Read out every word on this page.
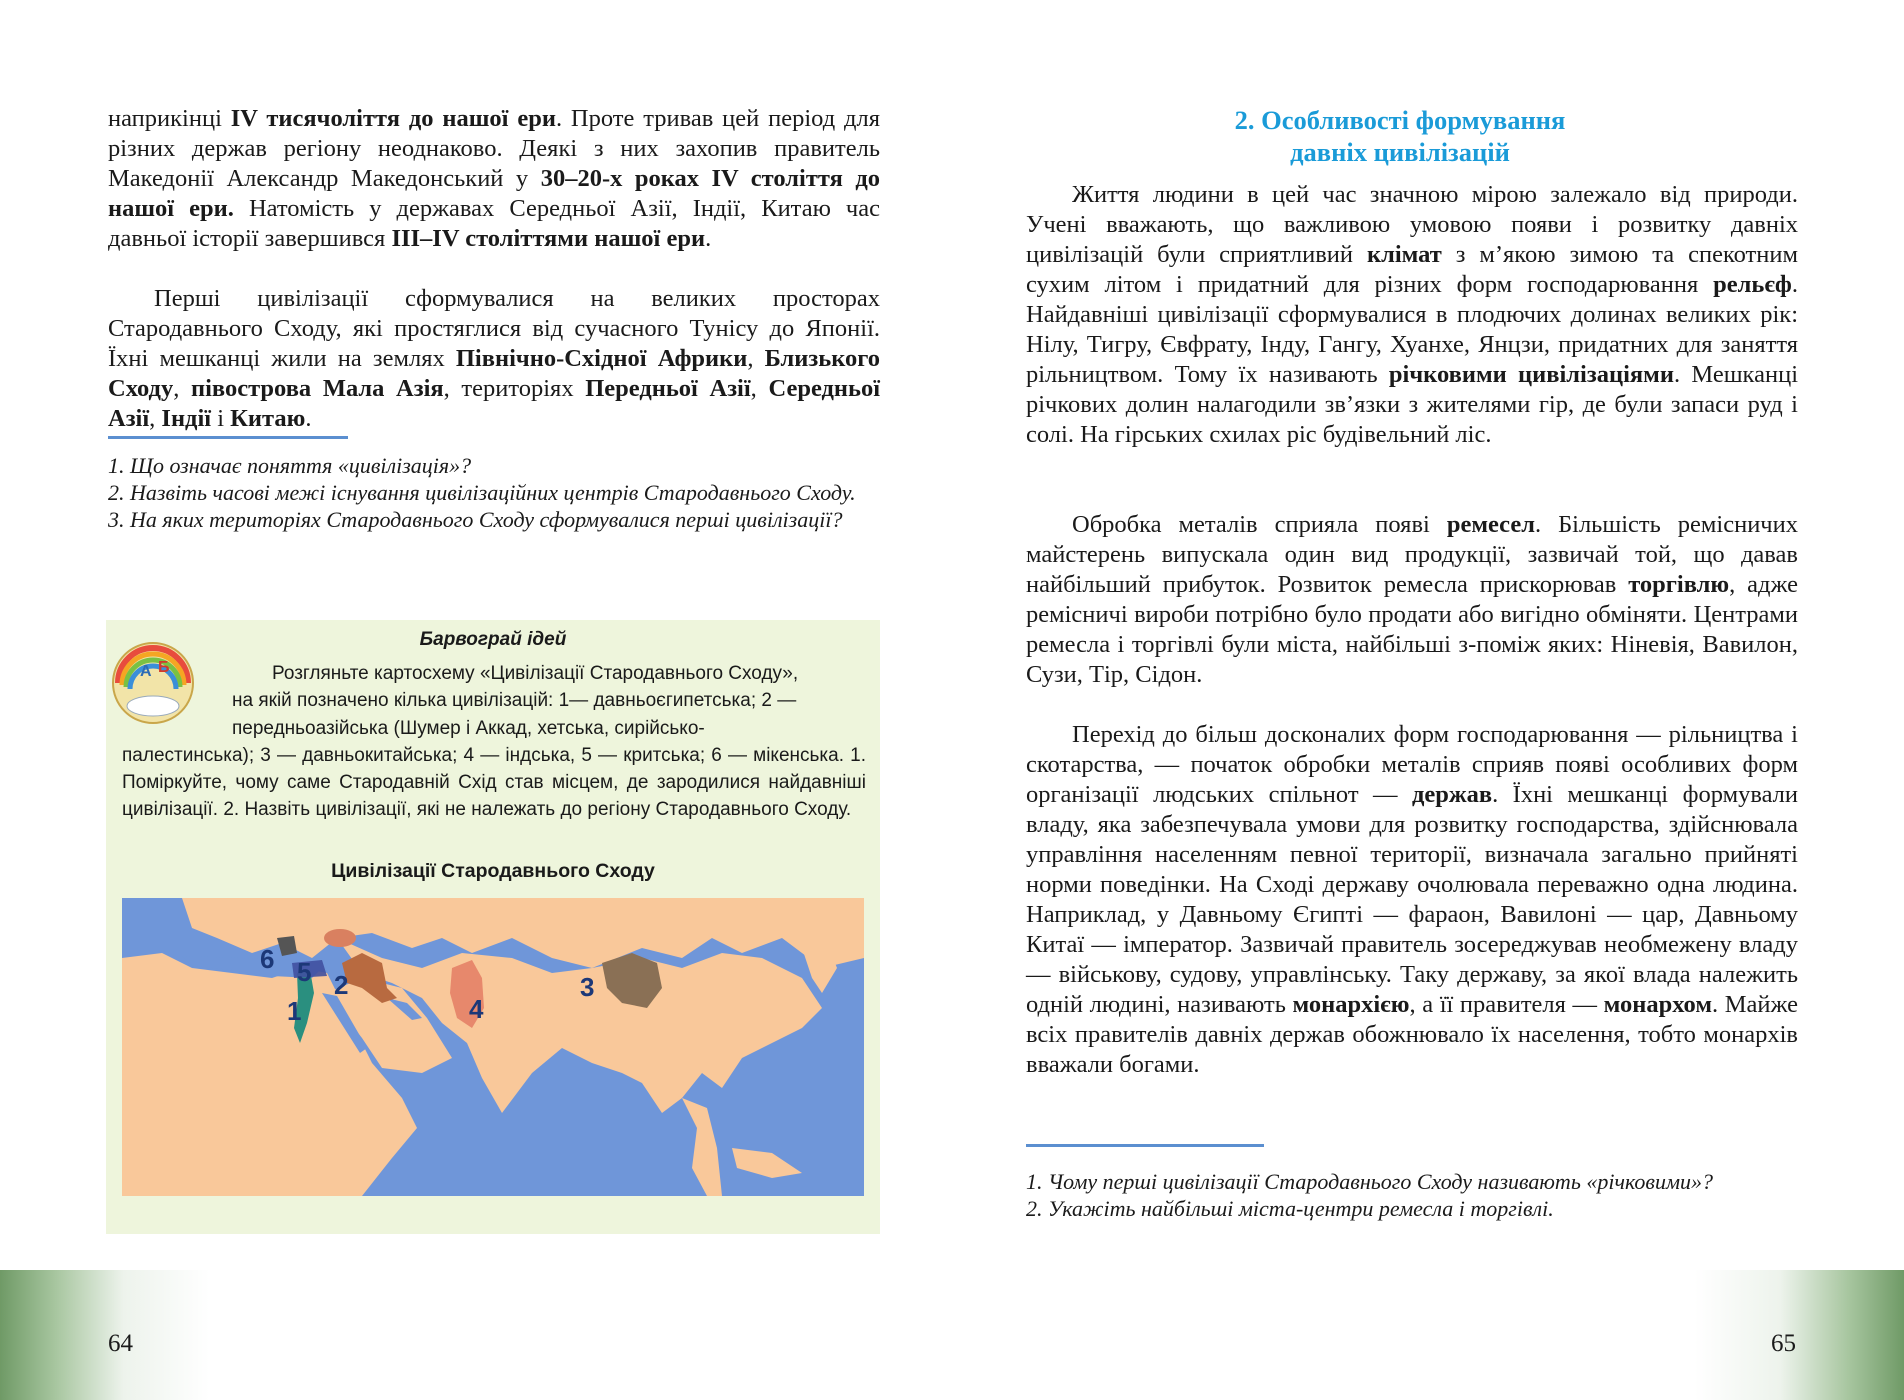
наприкінці IV тисячоліття до нашої ери. Проте тривав цей період для різних держав регіону неоднаково. Деякі з них захопив правитель Македонії Александр Македонський у 30–20-х роках IV століття до нашої ери. Натомість у державах Середньої Азії, Індії, Китаю час давньої історії завершився III–IV століттями нашої ери.
Перші цивілізації сформувалися на великих просторах Стародавнього Сходу, які простяглися від сучасного Тунісу до Японії. Їхні мешканці жили на землях Північно-Східної Африки, Близького Сходу, півострова Мала Азія, територіях Передньої Азії, Середньої Азії, Індії і Китаю.

1. Що означає поняття «цивілізація»?

2. Назвіть часові межі існування цивілізаційних центрів Стародавнього Сходу.

3. На яких територіях Стародавнього Сходу сформувалися перші цивілізації?

А Б
Барвограй ідей
Розгляньте картосхему «Цивілізації Стародавнього Сходу»,
на якій позначено кілька цивілізацій: 1— давньоєгипетська; 2 —
передньоазійська (Шумер і Аккад, хетська, сирійсько-
палестинська); 3 — давньокитайська; 4 — індська, 5 — критська; 6 — мікенська. 1. Поміркуйте, чому саме Стародавній Схід став місцем, де зародилися найдавніші цивілізації. 2. Назвіть цивілізації, які не належать до регіону Стародавнього Сходу.
Цивілізації Стародавнього Сходу
1
2	3
4
5
6
64
2. Особливості формування
давніх цивілізацій
Життя людини в цей час значною мірою залежало від природи. Учені вважають, що важливою умовою появи і розвитку давніх цивілізацій були сприятливий клімат з м’якою зимою та спекотним сухим літом і придатний для різних форм господарювання рельєф. Найдавніші цивілізації сформувалися в плодючих долинах великих рік: Нілу, Тигру, Євфрату, Інду, Гангу, Хуанхе, Янцзи, придатних для заняття рільництвом. Тому їх називають річковими цивілізаціями. Мешканці річкових долин налагодили зв’язки з жителями гір, де були запаси руд і солі. На гірських схилах ріс будівельний ліс.
Обробка металів сприяла появі ремесел. Більшість ремісничих майстерень випускала один вид продукції, зазвичай той, що давав найбільший прибуток. Розвиток ремесла прискорював торгівлю, адже ремісничі вироби потрібно було продати або вигідно обміняти. Центрами ремесла і торгівлі були міста, найбільші з-поміж яких: Ніневія, Вавилон, Сузи, Тір, Сідон.
Перехід до більш досконалих форм господарювання — рільництва і скотарства, — початок обробки металів сприяв появі особливих форм організації людських спільнот — держав. Їхні мешканці формували владу, яка забезпечувала умови для розвитку господарства, здійснювала управління населенням певної території, визначала загально прийняті норми поведінки. На Сході державу очолювала переважно одна людина. Наприклад, у Давньому Єгипті — фараон, Вавилоні — цар, Давньому Китаї — імператор. Зазвичай правитель зосереджував необмежену владу — військову, судову, управлінську. Таку державу, за якої влада належить одній людині, називають монархією, а її правителя — монархом. Майже всіх правителів давніх держав обожнювало їх населення, тобто монархів вважали богами.

1. Чому перші цивілізації Стародавнього Сходу називають «річковими»?

2. Укажіть найбільші міста-центри ремесла і торгівлі.

65
